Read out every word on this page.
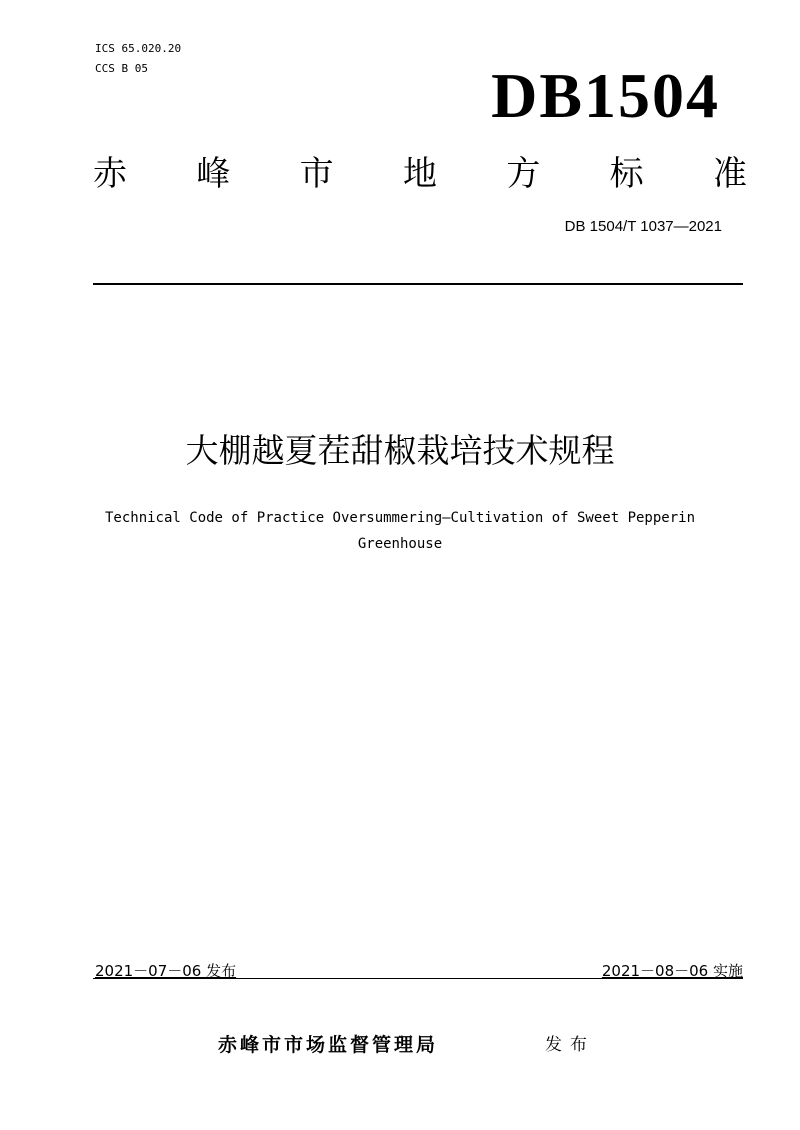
ICS 65.020.20
CCS B 05	DB1504
赤 峰 市 地 方 标 准
DB 1504/T 1037—2021
大棚越夏茬甜椒栽培技术规程
Technical Code of Practice Oversummering—Cultivation of Sweet Pepperin
Greenhouse
2021－07－06 发布	2021－08－06 实施
赤峰市市场监督管理局	发布
